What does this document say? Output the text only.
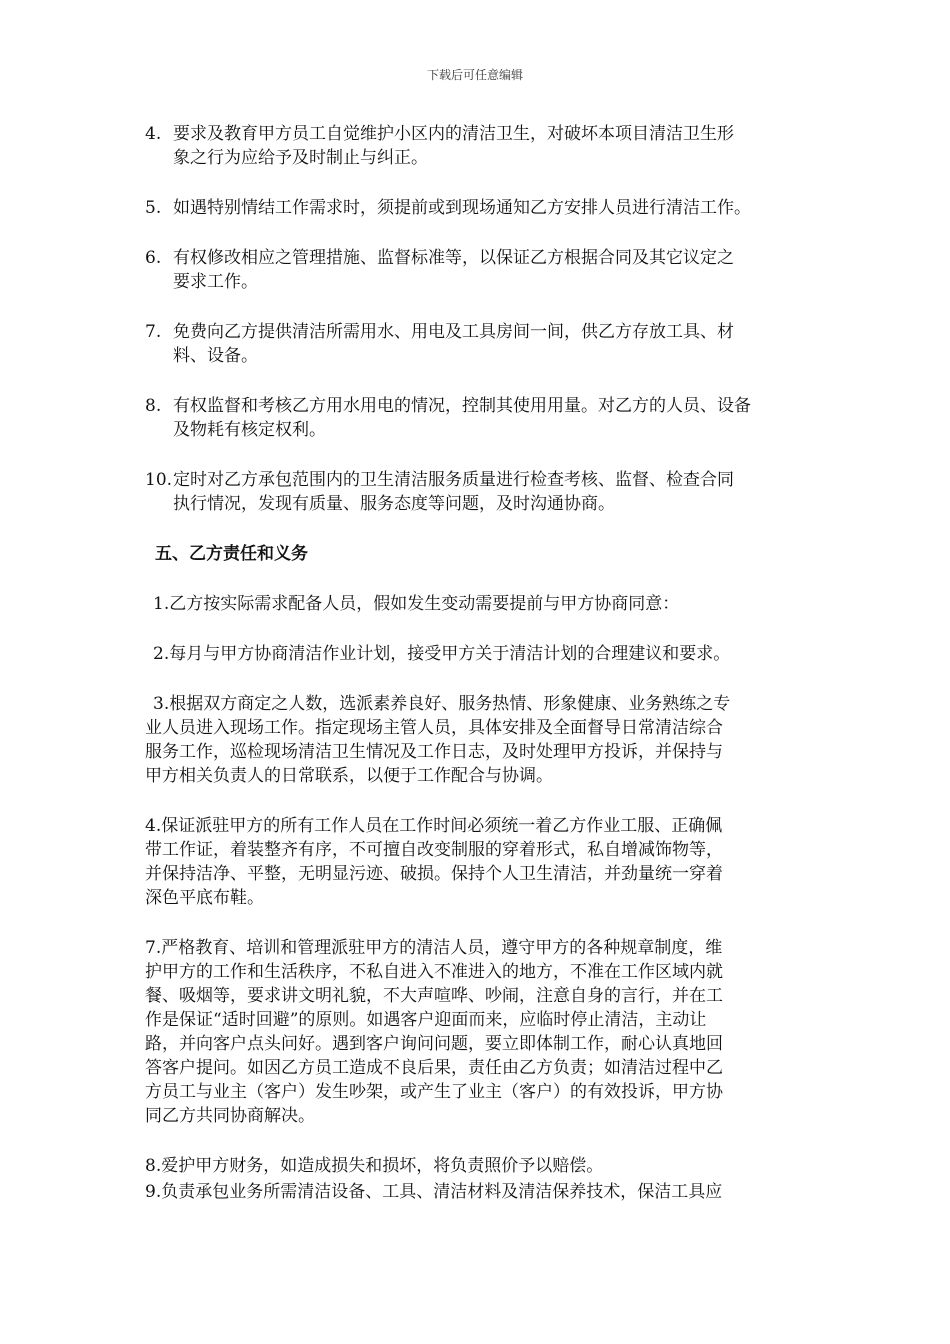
下载后可任意编辑
4. 要求及教育甲方员工自觉维护小区内的清洁卫生，对破坏本项目清洁卫生形

象之行为应给予及时制止与纠正。

5. 如遇特别情结工作需求时，须提前或到现场通知乙方安排人员进行清洁工作。

6. 有权修改相应之管理措施、监督标准等，以保证乙方根据合同及其它议定之

要求工作。

7. 免费向乙方提供清洁所需用水、用电及工具房间一间，供乙方存放工具、材

料、设备。

8. 有权监督和考核乙方用水用电的情况，控制其使用用量。对乙方的人员、设备

及物耗有核定权利。

10. 定时对乙方承包范围内的卫生清洁服务质量进行检查考核、监督、检查合同

执行情况，发现有质量、服务态度等问题，及时沟通协商。

五、乙方责任和义务

1.乙方按实际需求配备人员，假如发生变动需要提前与甲方协商同意：

2.每月与甲方协商清洁作业计划，接受甲方关于清洁计划的合理建议和要求。

3.根据双方商定之人数，选派素养良好、服务热情、形象健康、业务熟练之专

业人员进入现场工作。指定现场主管人员，具体安排及全面督导日常清洁综合

服务工作，巡检现场清洁卫生情况及工作日志，及时处理甲方投诉，并保持与

甲方相关负责人的日常联系，以便于工作配合与协调。

4.保证派驻甲方的所有工作人员在工作时间必须统一着乙方作业工服、正确佩

带工作证，着装整齐有序，不可擅自改变制服的穿着形式，私自增减饰物等，

并保持洁净、平整，无明显污迹、破损。保持个人卫生清洁，并劲量统一穿着

深色平底布鞋。

7.严格教育、培训和管理派驻甲方的清洁人员，遵守甲方的各种规章制度，维

护甲方的工作和生活秩序，不私自进入不准进入的地方，不准在工作区域内就

餐、吸烟等，要求讲文明礼貌，不大声喧哗、吵闹，注意自身的言行，并在工

作是保证“适时回避”的原则。如遇客户迎面而来，应临时停止清洁，主动让

路，并向客户点头问好。遇到客户询问问题，要立即体制工作，耐心认真地回

答客户提问。如因乙方员工造成不良后果，责任由乙方负责；如清洁过程中乙

方员工与业主（客户）发生吵架，或产生了业主（客户）的有效投诉，甲方协

同乙方共同协商解决。

8.爱护甲方财务，如造成损失和损坏，将负责照价予以赔偿。

9.负责承包业务所需清洁设备、工具、清洁材料及清洁保养技术，保洁工具应
